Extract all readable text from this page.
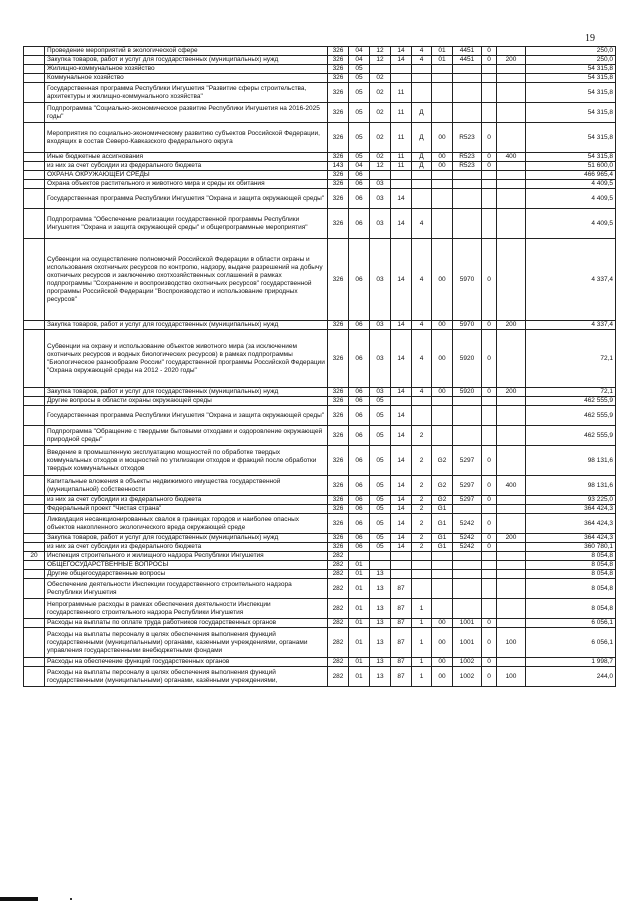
19
	Проведение мероприятий в экологической сфере	326	04	12	14	4	01	4451	0		250,0
	Закупка товаров, работ и услуг для государственных (муниципальных) нужд	326	04	12	14	4	01	4451	0	200	250,0
	Жилищно-коммунальное хозяйство	326	05								54 315,8
	Коммунальное хозяйство	326	05	02							54 315,8
	Государственная программа Республики Ингушетия "Развитие сферы строительства, архитектуры и жилищно-коммунального хозяйства"	326	05	02	11						54 315,8
	Подпрограмма "Социально-экономическое развитие Республики Ингушетия на 2016-2025 годы"	326	05	02	11	Д					54 315,8
	Мероприятия по социально-экономическому развитию субъектов Российской Федерации, входящих в состав Северо-Кавказского федерального округа	326	05	02	11	Д	00	R523	0		54 315,8
	Иные бюджетные ассигнования	326	05	02	11	Д	00	R523	0	400	54 315,8
	из них за счет субсидии из федерального бюджета	143	04	12	11	Д	00	R523	0		51 600,0
	ОХРАНА ОКРУЖАЮЩЕЙ СРЕДЫ	326	06								466 965,4
	Охрана объектов растительного и животного мира и среды их обитания	326	06	03							4 409,5
	Государственная программа Республики Ингушетия "Охрана и защита окружающей среды"	326	06	03	14						4 409,5
	Подпрограмма "Обеспечение реализации государственной программы Республики Ингушетия "Охрана и защита окружающей среды" и общепрограммные мероприятия"	326	06	03	14	4					4 409,5
	Субвенции на осуществление полномочий Российской Федерации в области охраны и использования охотничьих ресурсов по контролю, надзору, выдаче разрешений на добычу охотничьих ресурсов и заключению охотхозяйственных соглашений в рамках подпрограммы "Сохранение и воспроизводство охотничьих ресурсов" государственной программы Российской Федерации "Воспроизводство и использование природных ресурсов"	326	06	03	14	4	00	5970	0		4 337,4
	Закупка товаров, работ и услуг для государственных (муниципальных) нужд	326	06	03	14	4	00	5970	0	200	4 337,4
	Субвенции на охрану и использование объектов животного мира (за исключением охотничьих ресурсов и водных биологических ресурсов) в рамках подпрограммы "Биологическое разнообразие России" государственной программы Российской Федерации "Охрана окружающей среды на 2012 - 2020 годы"	326	06	03	14	4	00	5920	0		72,1
	Закупка товаров, работ и услуг для государственных (муниципальных) нужд	326	06	03	14	4	00	5920	0	200	72,1
	Другие вопросы в области охраны окружающей среды	326	06	05							462 555,9
	Государственная программа Республики Ингушетия "Охрана и защита окружающей среды"	326	06	05	14						462 555,9
	Подпрограмма "Обращение с твердыми бытовыми отходами и оздоровление окружающей природной среды"	326	06	05	14	2					462 555,9
	Введение в промышленную эксплуатацию мощностей по обработке твердых коммунальных отходов и мощностей по утилизации отходов и фракций после обработки твердых коммунальных отходов	326	06	05	14	2	G2	5297	0		98 131,6
	Капитальные вложения в объекты недвижимого имущества государственной (муниципальной) собственности	326	06	05	14	2	G2	5297	0	400	98 131,6
	из них за счет субсидии из федерального бюджета	326	06	05	14	2	G2	5297	0		93 225,0
	Федеральный проект "Чистая страна"	326	06	05	14	2	G1				364 424,3
	Ликвидация несанкционированных свалок в границах городов и наиболее опасных объектов накопленного экологического вреда окружающей среде	326	06	05	14	2	G1	5242	0		364 424,3
	Закупка товаров, работ и услуг для государственных (муниципальных) нужд	326	06	05	14	2	G1	5242	0	200	364 424,3
	из них за счет субсидии из федерального бюджета	326	06	05	14	2	G1	5242	0		360 780,1
20	Инспекция строительного и жилищного надзора Республики Ингушетия	282									8 054,8
	ОБЩЕГОСУДАРСТВЕННЫЕ ВОПРОСЫ	282	01								8 054,8
	Другие общегосударственные вопросы	282	01	13							8 054,8
	Обеспечение деятельности Инспекции государственного строительного надзора Республики Ингушетия	282	01	13	87						8 054,8
	Непрограммные расходы в рамках обеспечения деятельности Инспекции государственного строительного надзора Республики Ингушетия	282	01	13	87	1					8 054,8
	Расходы на выплаты по оплате труда работников государственных органов	282	01	13	87	1	00	1001	0		6 056,1
	Расходы на выплаты персоналу в целях обеспечения выполнения функций государственными (муниципальными) органами, казенными учреждениями, органами управления государственными внебюджетными фондами	282	01	13	87	1	00	1001	0	100	6 056,1
	Расходы на обеспечение функций государственных органов	282	01	13	87	1	00	1002	0		1 998,7
	Расходы на выплаты персоналу в целях обеспечения выполнения функций государственными (муниципальными) органами, казёнными учреждениями,	282	01	13	87	1	00	1002	0	100	244,0
